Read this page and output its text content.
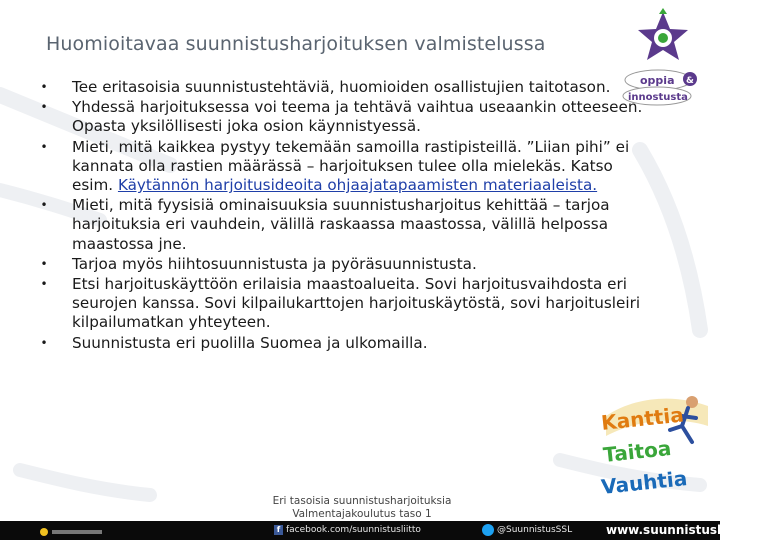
Huomioitavaa suunnistusharjoituksen valmistelussa
oppia &
innostusta
• Tee eritasoisia suunnistustehtäviä, huomioiden osallistujien taitotason.
• Yhdessä harjoituksessa voi teema ja tehtävä vaihtua useaankin otteeseen. Opasta yksilöllisesti joka osion käynnistyessä.
• Mieti, mitä kaikkea pystyy tekemään samoilla rastipisteillä. ”Liian pihi” ei kannata olla rastien määrässä – harjoituksen tulee olla mielekäs. Katso esim. Käytännön harjoitusideoita ohjaajatapaamisten materiaaleista.
• Mieti, mitä fyysisiä ominaisuuksia suunnistusharjoitus kehittää – tarjoa harjoituksia eri vauhdein, välillä raskaassa maastossa, välillä helpossa maastossa jne.
• Tarjoa myös hiihtosuunnistusta ja pyöräsuunnistusta.
• Etsi harjoituskäyttöön erilaisia maastoalueita. Sovi harjoitusvaihdosta eri seurojen kanssa. Sovi kilpailukarttojen harjoituskäytöstä, sovi harjoitusleiri kilpailumatkan yhteyteen.
• Suunnistusta eri puolilla Suomea ja ulkomailla.
Kanttia
Taitoa
Vauhtia
Eri tasoisia suunnistusharjoituksia
Valmentajakoulutus taso 1
f facebook.com/suunnistusliitto	@SuunnistusSSL	www.suunnistusliitto.fi
